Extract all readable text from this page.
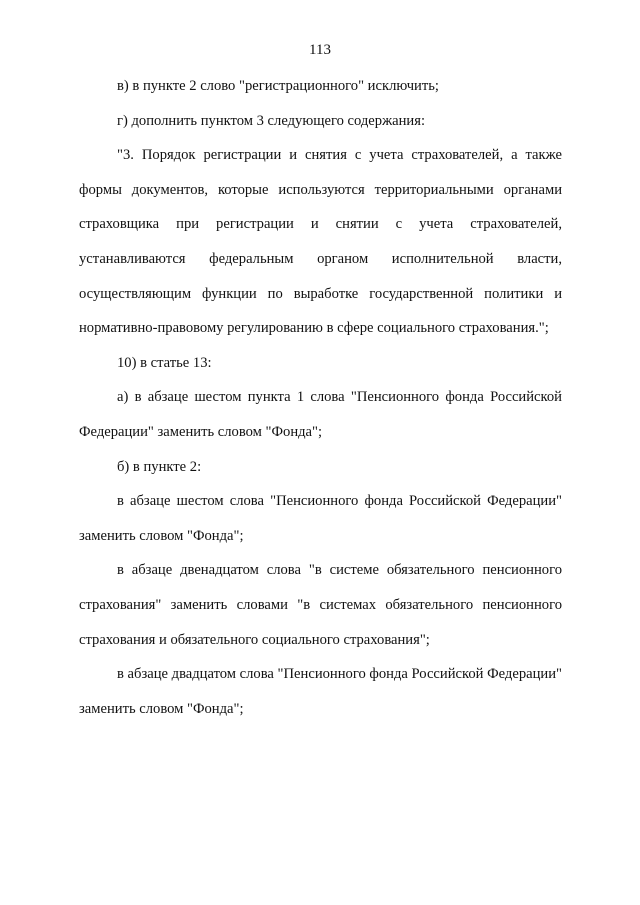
113

в) в пункте 2 слово "регистрационного" исключить;

г) дополнить пунктом 3 следующего содержания:

"3. Порядок регистрации и снятия с учета страхователей, а также формы документов, которые используются территориальными органами страховщика при регистрации и снятии с учета страхователей, устанавливаются федеральным органом исполнительной власти, осуществляющим функции по выработке государственной политики и нормативно-правовому регулированию в сфере социального страхования.";

10) в статье 13:

а) в абзаце шестом пункта 1 слова "Пенсионного фонда Российской Федерации" заменить словом "Фонда";

б) в пункте 2:

в абзаце шестом слова "Пенсионного фонда Российской Федерации" заменить словом "Фонда";

в абзаце двенадцатом слова "в системе обязательного пенсионного страхования" заменить словами "в системах обязательного пенсионного страхования и обязательного социального страхования";

в абзаце двадцатом слова "Пенсионного фонда Российской Федерации" заменить словом "Фонда";
